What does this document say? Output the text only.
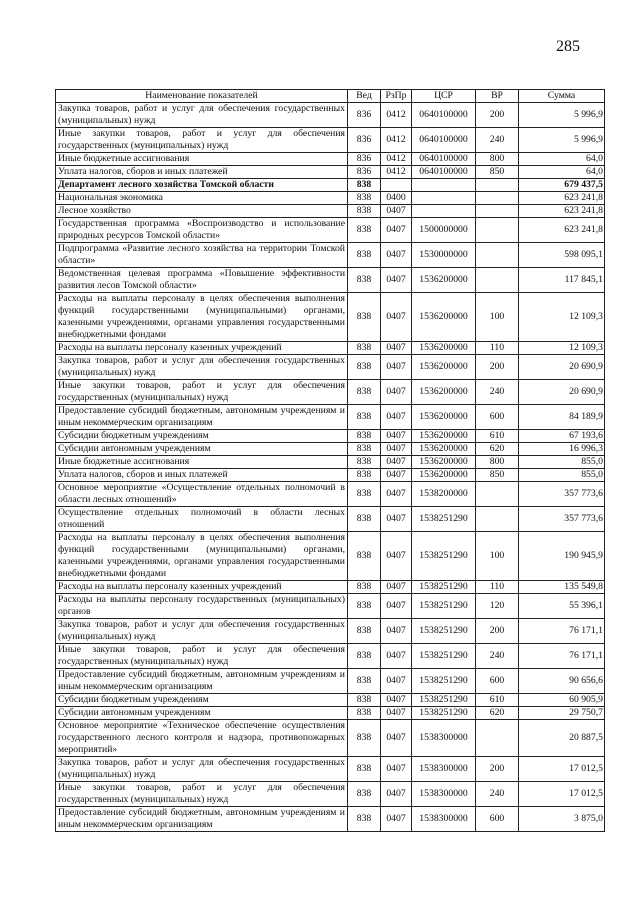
285
Наименование показателей	Вед	РзПр	ЦСР	ВР	Сумма
Закупка товаров, работ и услуг для обеспечения государственных (муниципальных) нужд	836	0412	0640100000	200	5 996,9
Иные закупки товаров, работ и услуг для обеспечения государственных (муниципальных) нужд	836	0412	0640100000	240	5 996,9
Иные бюджетные ассигнования	836	0412	0640100000	800	64,0
Уплата налогов, сборов и иных платежей	836	0412	0640100000	850	64,0
Департамент лесного хозяйства Томской области	838				679 437,5
Национальная экономика	838	0400			623 241,8
Лесное хозяйство	838	0407			623 241,8
Государственная программа «Воспроизводство и использование природных ресурсов Томской области»	838	0407	1500000000		623 241,8
Подпрограмма «Развитие лесного хозяйства на территории Томской области»	838	0407	1530000000		598 095,1
Ведомственная целевая программа «Повышение эффективности развития лесов Томской области»	838	0407	1536200000		117 845,1
Расходы на выплаты персоналу в целях обеспечения выполнения функций государственными (муниципальными) органами, казенными учреждениями, органами управления государственными внебюджетными фондами	838	0407	1536200000	100	12 109,3
Расходы на выплаты персоналу казенных учреждений	838	0407	1536200000	110	12 109,3
Закупка товаров, работ и услуг для обеспечения государственных (муниципальных) нужд	838	0407	1536200000	200	20 690,9
Иные закупки товаров, работ и услуг для обеспечения государственных (муниципальных) нужд	838	0407	1536200000	240	20 690,9
Предоставление субсидий бюджетным, автономным учреждениям и иным некоммерческим организациям	838	0407	1536200000	600	84 189,9
Субсидии бюджетным учреждениям	838	0407	1536200000	610	67 193,6
Субсидии автономным учреждениям	838	0407	1536200000	620	16 996,3
Иные бюджетные ассигнования	838	0407	1536200000	800	855,0
Уплата налогов, сборов и иных платежей	838	0407	1536200000	850	855,0
Основное мероприятие «Осуществление отдельных полномочий в области лесных отношений»	838	0407	1538200000		357 773,6
Осуществление отдельных полномочий в области лесных отношений	838	0407	1538251290		357 773,6
Расходы на выплаты персоналу в целях обеспечения выполнения функций государственными (муниципальными) органами, казенными учреждениями, органами управления государственными внебюджетными фондами	838	0407	1538251290	100	190 945,9
Расходы на выплаты персоналу казенных учреждений	838	0407	1538251290	110	135 549,8
Расходы на выплаты персоналу государственных (муниципальных) органов	838	0407	1538251290	120	55 396,1
Закупка товаров, работ и услуг для обеспечения государственных (муниципальных) нужд	838	0407	1538251290	200	76 171,1
Иные закупки товаров, работ и услуг для обеспечения государственных (муниципальных) нужд	838	0407	1538251290	240	76 171,1
Предоставление субсидий бюджетным, автономным учреждениям и иным некоммерческим организациям	838	0407	1538251290	600	90 656,6
Субсидии бюджетным учреждениям	838	0407	1538251290	610	60 905,9
Субсидии автономным учреждениям	838	0407	1538251290	620	29 750,7
Основное мероприятие «Техническое обеспечение осуществления государственного лесного контроля и надзора, противопожарных мероприятий»	838	0407	1538300000		20 887,5
Закупка товаров, работ и услуг для обеспечения государственных (муниципальных) нужд	838	0407	1538300000	200	17 012,5
Иные закупки товаров, работ и услуг для обеспечения государственных (муниципальных) нужд	838	0407	1538300000	240	17 012,5
Предоставление субсидий бюджетным, автономным учреждениям и иным некоммерческим организациям	838	0407	1538300000	600	3 875,0
